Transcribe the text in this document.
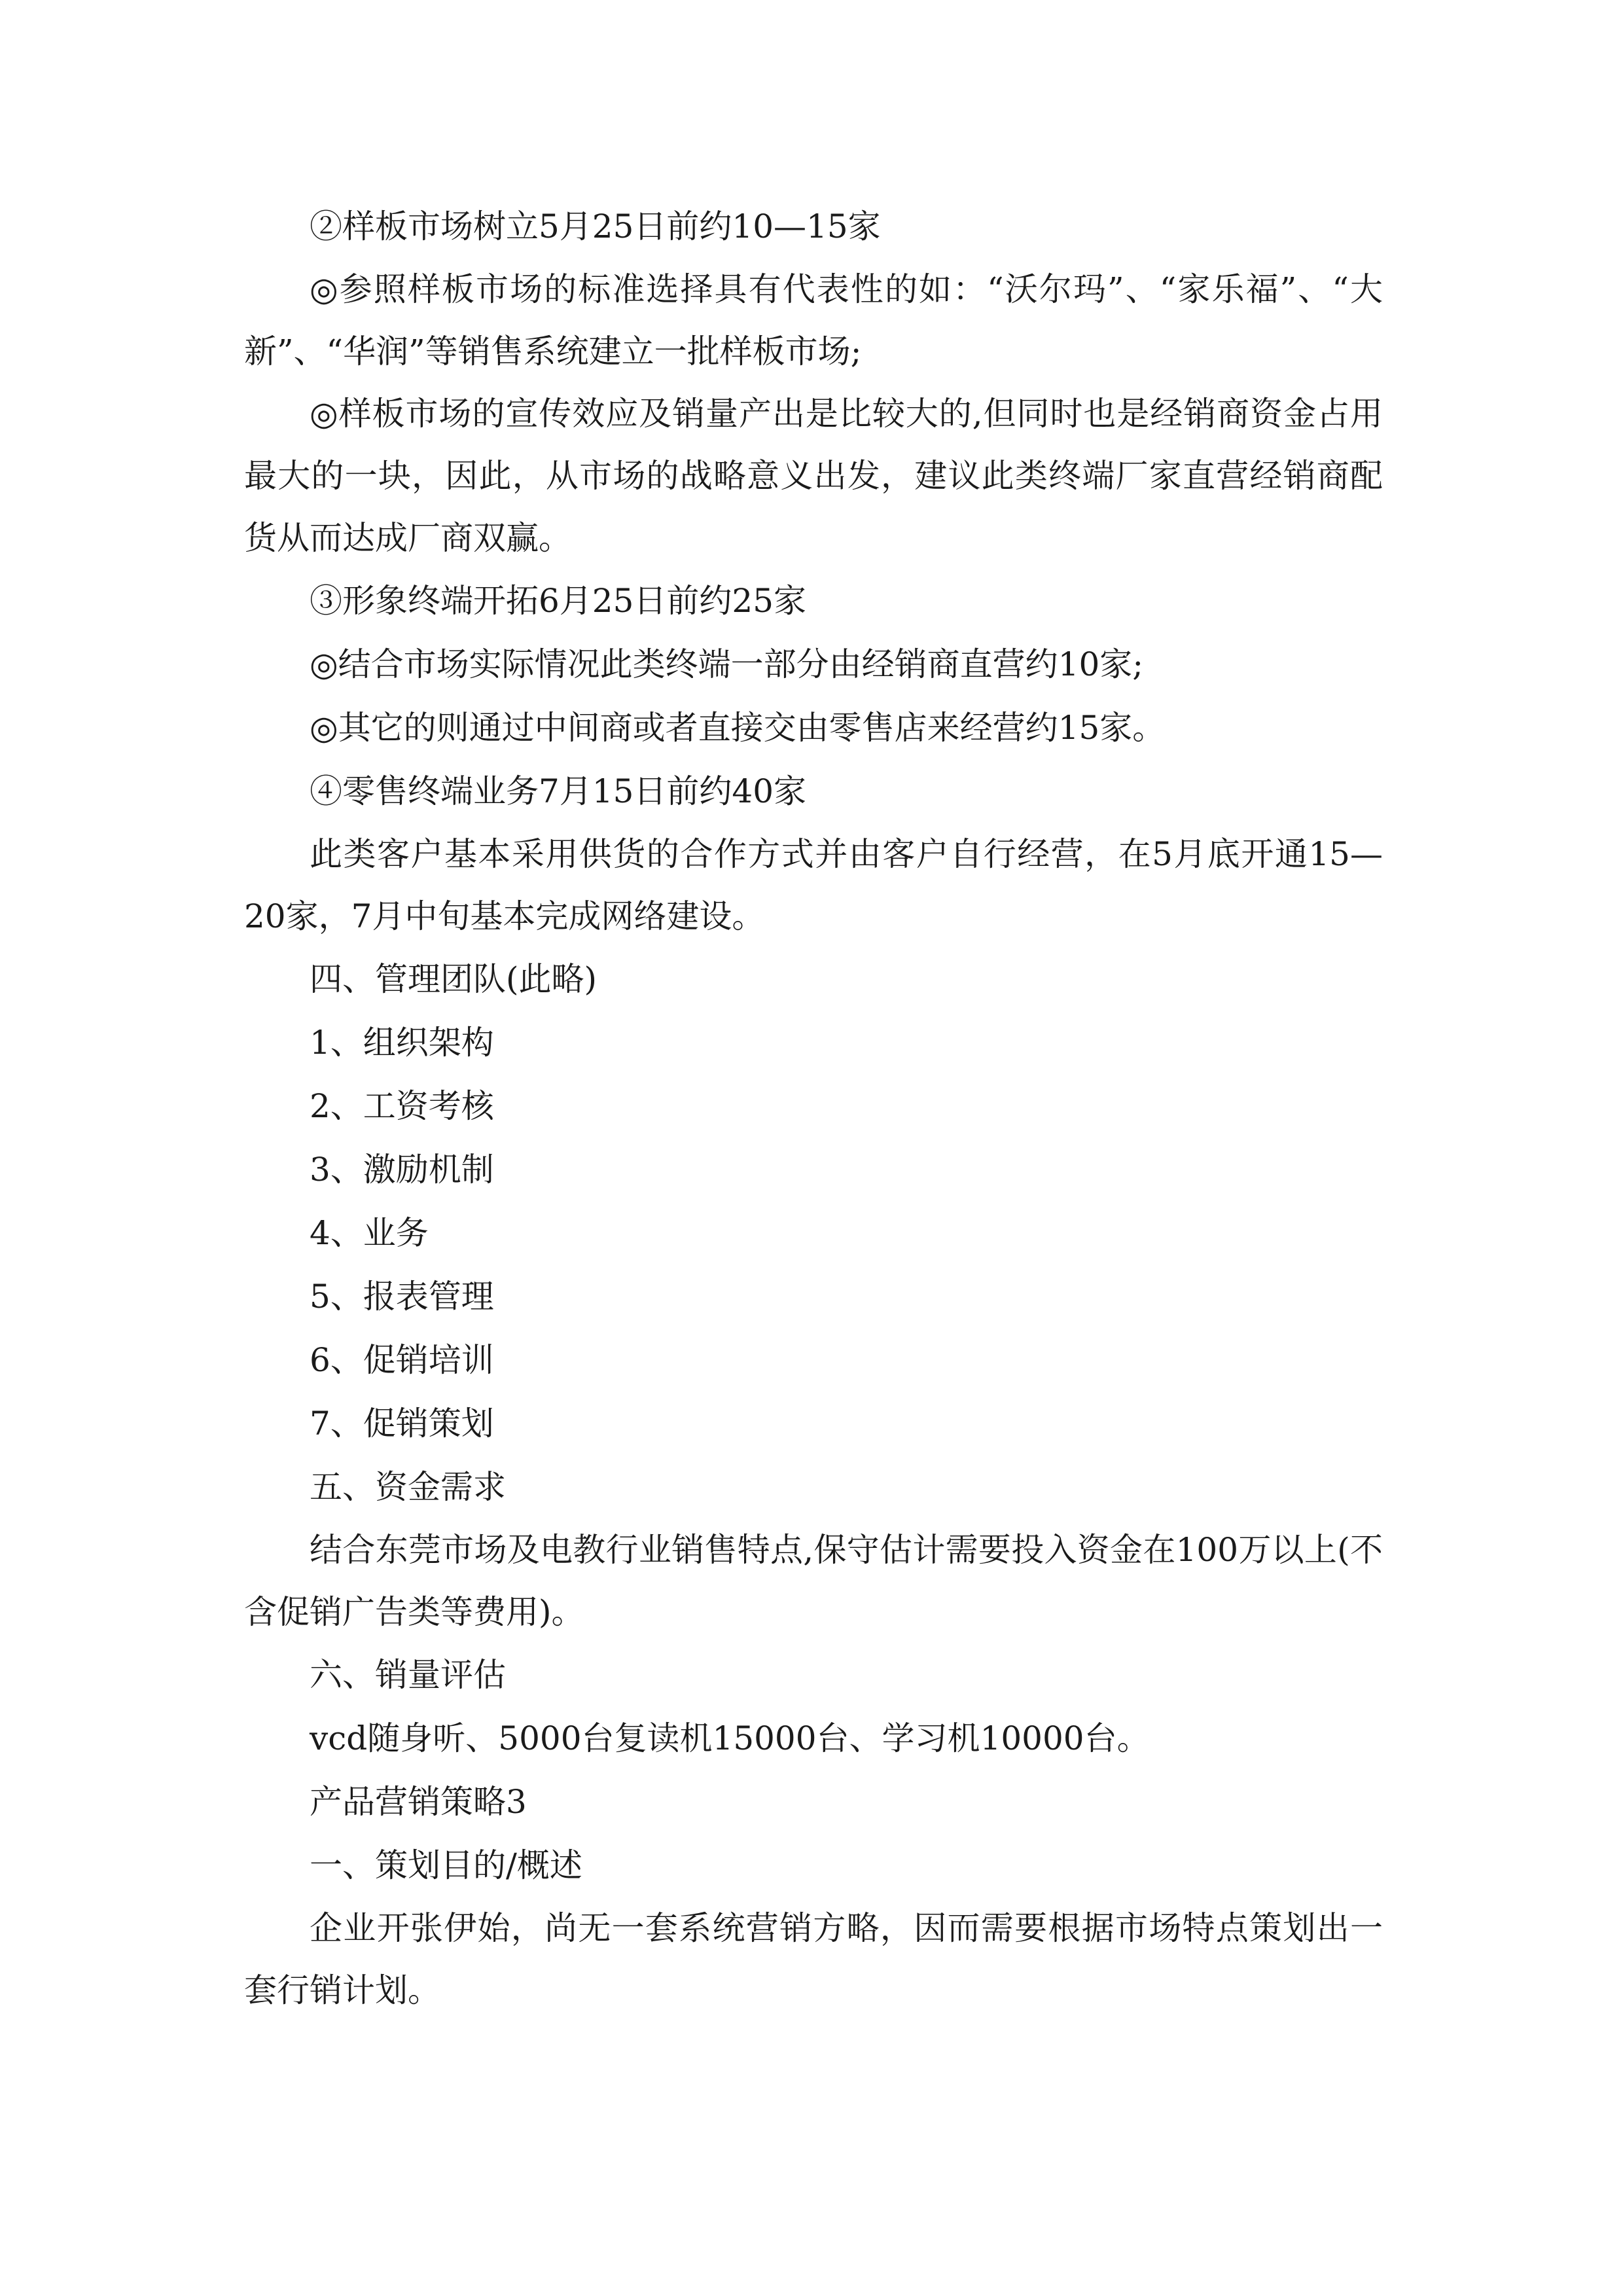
②样板市场树立5月25日前约10—15家

◎参照样板市场的标准选择具有代表性的如：“沃尔玛”、“家乐福”、“大新”、“华润”等销售系统建立一批样板市场;

◎样板市场的宣传效应及销量产出是比较大的,但同时也是经销商资金占用最大的一块，因此，从市场的战略意义出发，建议此类终端厂家直营经销商配货从而达成厂商双赢。

③形象终端开拓6月25日前约25家

◎结合市场实际情况此类终端一部分由经销商直营约10家;

◎其它的则通过中间商或者直接交由零售店来经营约15家。

④零售终端业务7月15日前约40家

此类客户基本采用供货的合作方式并由客户自行经营，在5月底开通15—20家，7月中旬基本完成网络建设。

四、管理团队(此略)

1、组织架构

2、工资考核

3、激励机制

4、业务

5、报表管理

6、促销培训

7、促销策划

五、资金需求

结合东莞市场及电教行业销售特点,保守估计需要投入资金在100万以上(不含促销广告类等费用)。

六、销量评估

vcd随身听、5000台复读机15000台、学习机10000台。

产品营销策略3

一、策划目的/概述

企业开张伊始，尚无一套系统营销方略，因而需要根据市场特点策划出一套行销计划。
